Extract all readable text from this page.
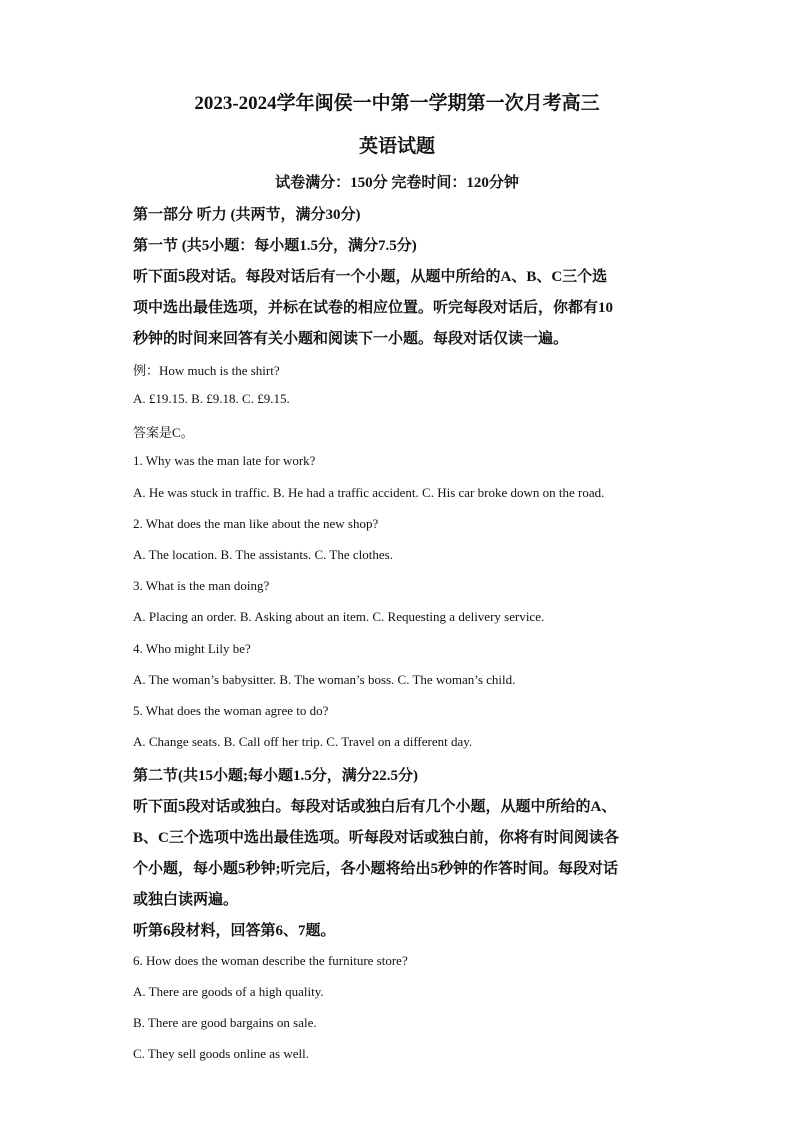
2023-2024学年闽侯一中第一学期第一次月考高三
英语试题
试卷满分：150分 完卷时间：120分钟
第一部分 听力 (共两节，满分30分)
第一节 (共5小题：每小题1.5分，满分7.5分)
听下面5段对话。每段对话后有一个小题，从题中所给的A、B、C三个选
项中选出最佳选项，并标在试卷的相应位置。听完每段对话后，你都有10
秒钟的时间来回答有关小题和阅读下一小题。每段对话仅读一遍。
例：How much is the shirt?
A. £19.15. B. £9.18. C. £9.15.
答案是C。
1. Why was the man late for work?
A. He was stuck in traffic. B. He had a traffic accident. C. His car broke down on the road.
2. What does the man like about the new shop?
A. The location. B. The assistants. C. The clothes.
3. What is the man doing?
A. Placing an order. B. Asking about an item. C. Requesting a delivery service.
4. Who might Lily be?
A. The woman’s babysitter. B. The woman’s boss. C. The woman’s child.
5. What does the woman agree to do?
A. Change seats. B. Call off her trip. C. Travel on a different day.
第二节(共15小题;每小题1.5分，满分22.5分)
听下面5段对话或独白。每段对话或独白后有几个小题，从题中所给的A、
B、C三个选项中选出最佳选项。听每段对话或独白前，你将有时间阅读各
个小题，每小题5秒钟;听完后，各小题将给出5秒钟的作答时间。每段对话
或独白读两遍。
听第6段材料，回答第6、7题。
6. How does the woman describe the furniture store?
A. There are goods of a high quality.
B. There are good bargains on sale.
C. They sell goods online as well.
